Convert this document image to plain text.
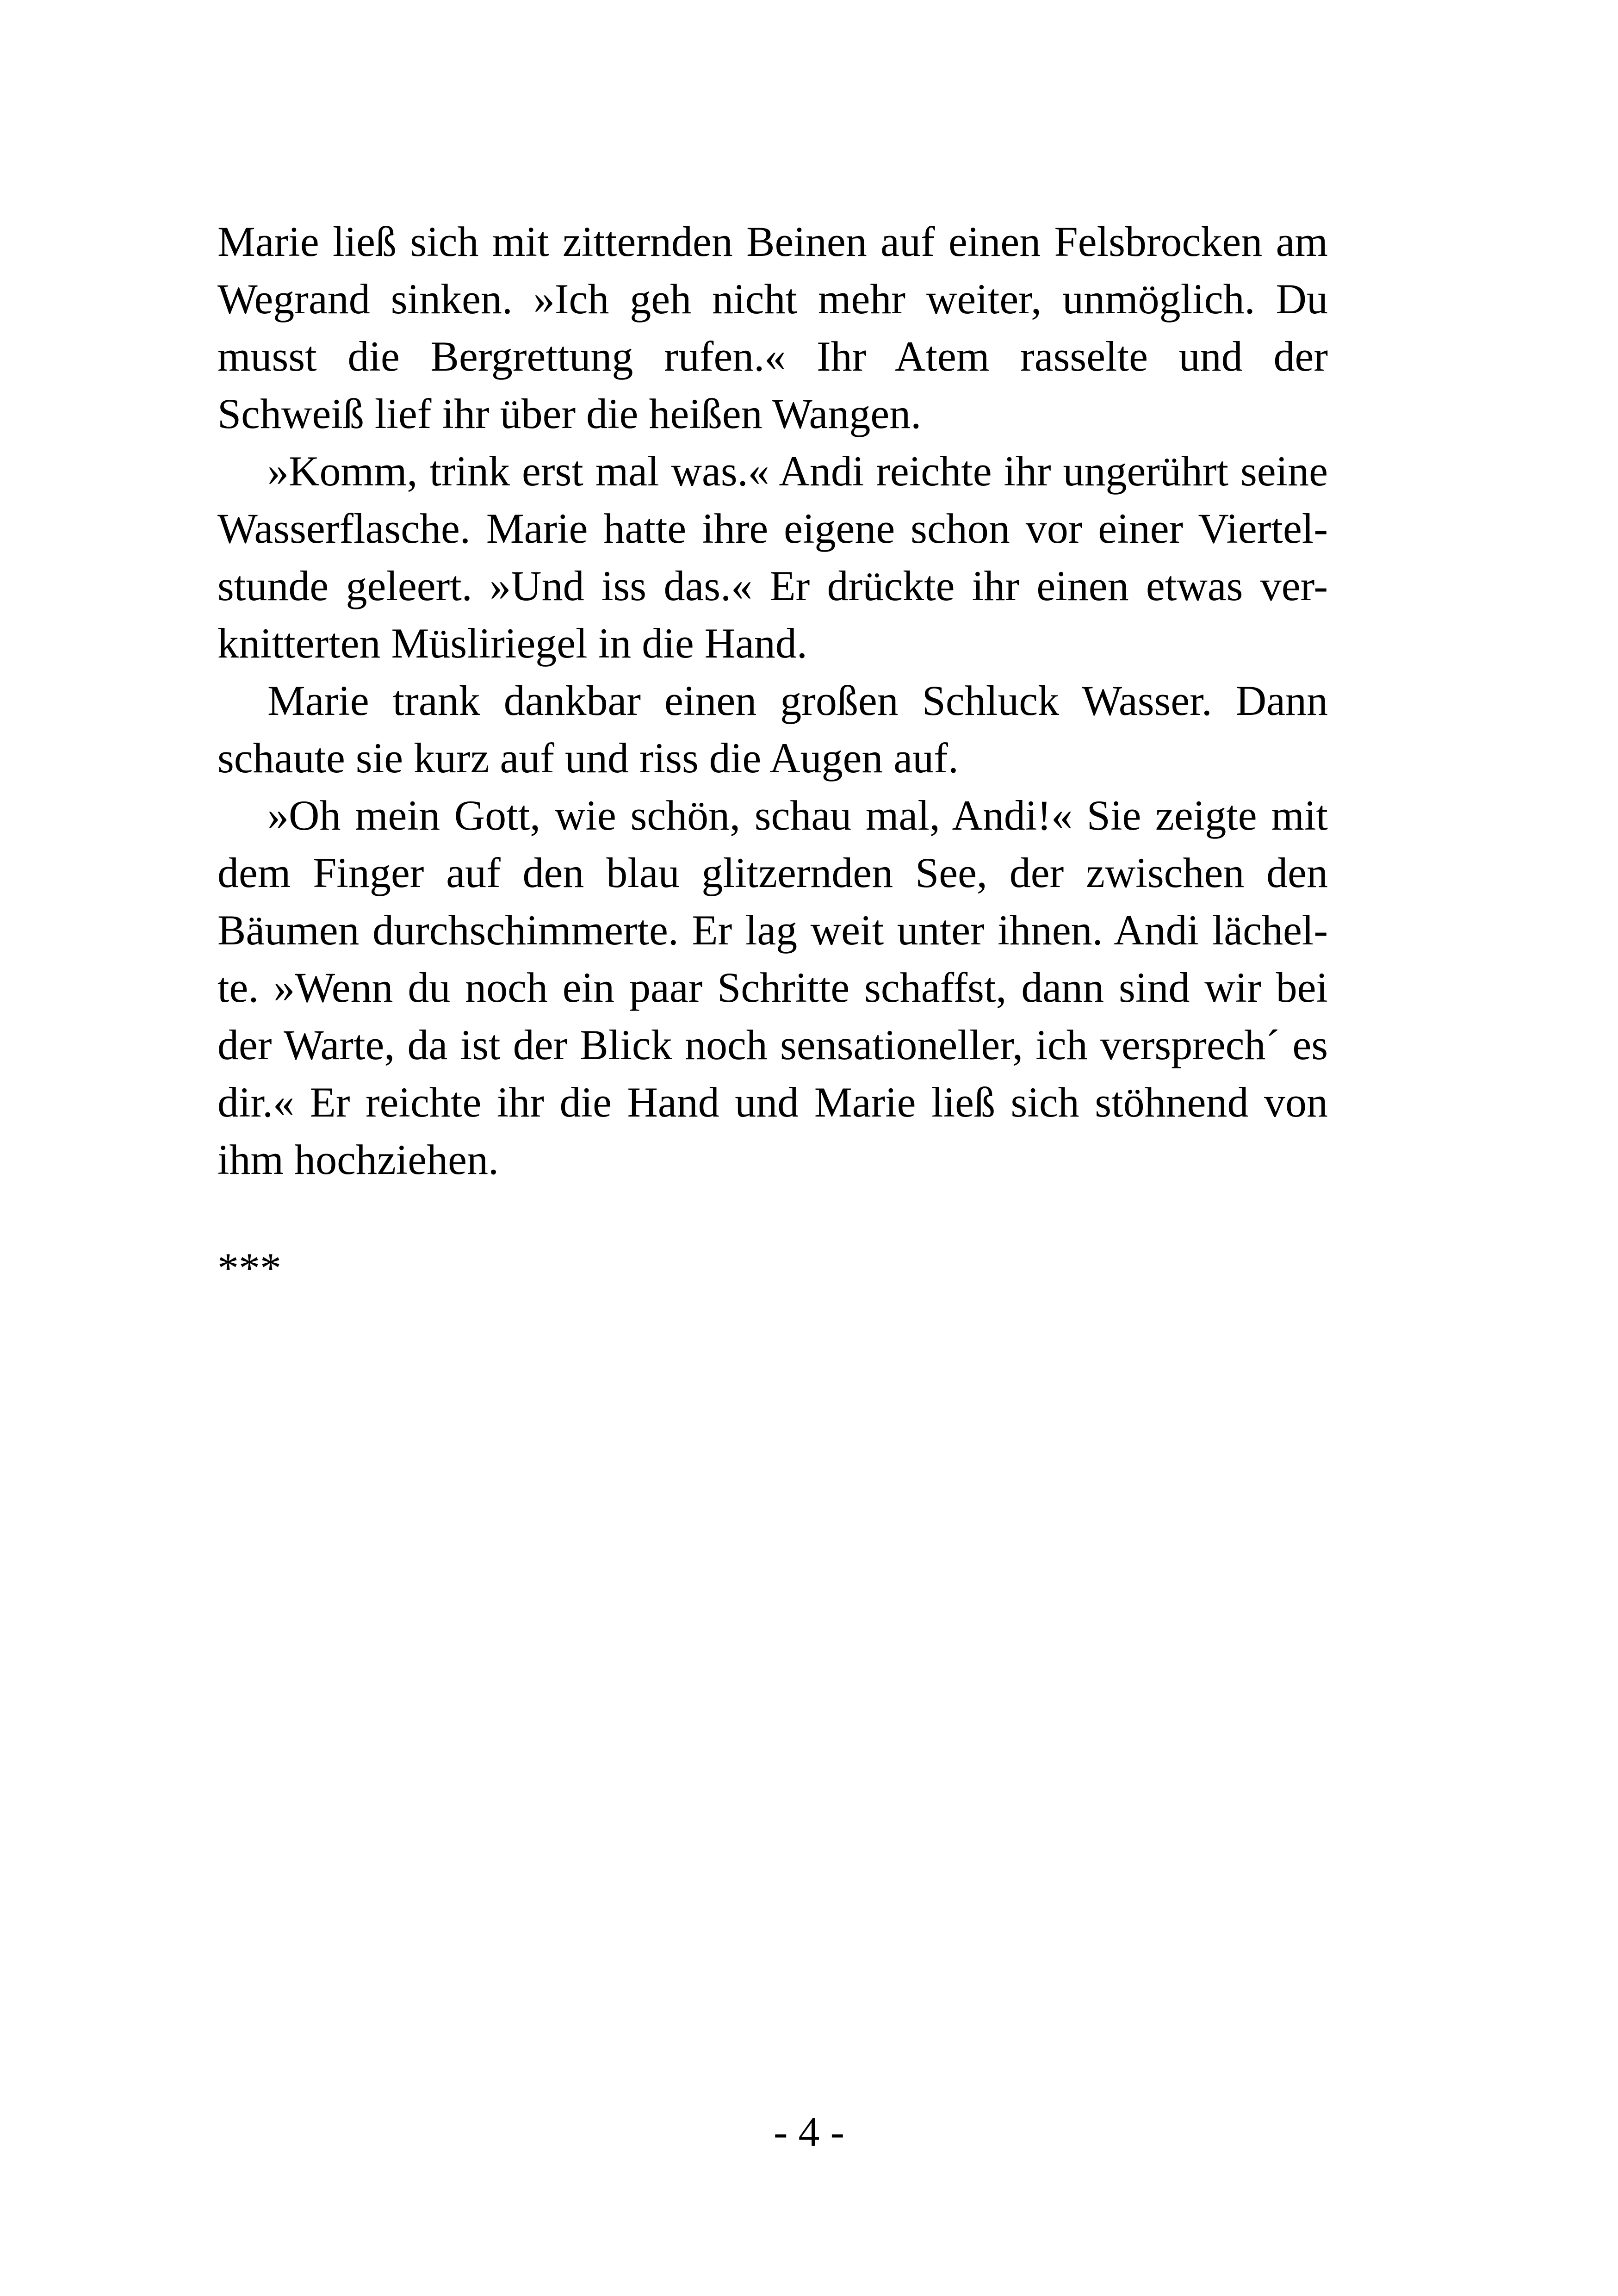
Marie ließ sich mit zitternden Beinen auf einen Felsbrocken am
Wegrand sinken. »Ich geh nicht mehr weiter, unmöglich. Du
musst die Bergrettung rufen.« Ihr Atem rasselte und der
Schweiß lief ihr über die heißen Wangen.
»Komm, trink erst mal was.« Andi reichte ihr ungerührt seine
Wasserflasche. Marie hatte ihre eigene schon vor einer Viertel-
stunde geleert. »Und iss das.« Er drückte ihr einen etwas ver-
knitterten Müsliriegel in die Hand.
Marie trank dankbar einen großen Schluck Wasser. Dann
schaute sie kurz auf und riss die Augen auf.
»Oh mein Gott, wie schön, schau mal, Andi!« Sie zeigte mit
dem Finger auf den blau glitzernden See, der zwischen den
Bäumen durchschimmerte. Er lag weit unter ihnen. Andi lächel-
te. »Wenn du noch ein paar Schritte schaffst, dann sind wir bei
der Warte, da ist der Blick noch sensationeller, ich versprech´ es
dir.« Er reichte ihr die Hand und Marie ließ sich stöhnend von
ihm hochziehen.
***
- 4 -
